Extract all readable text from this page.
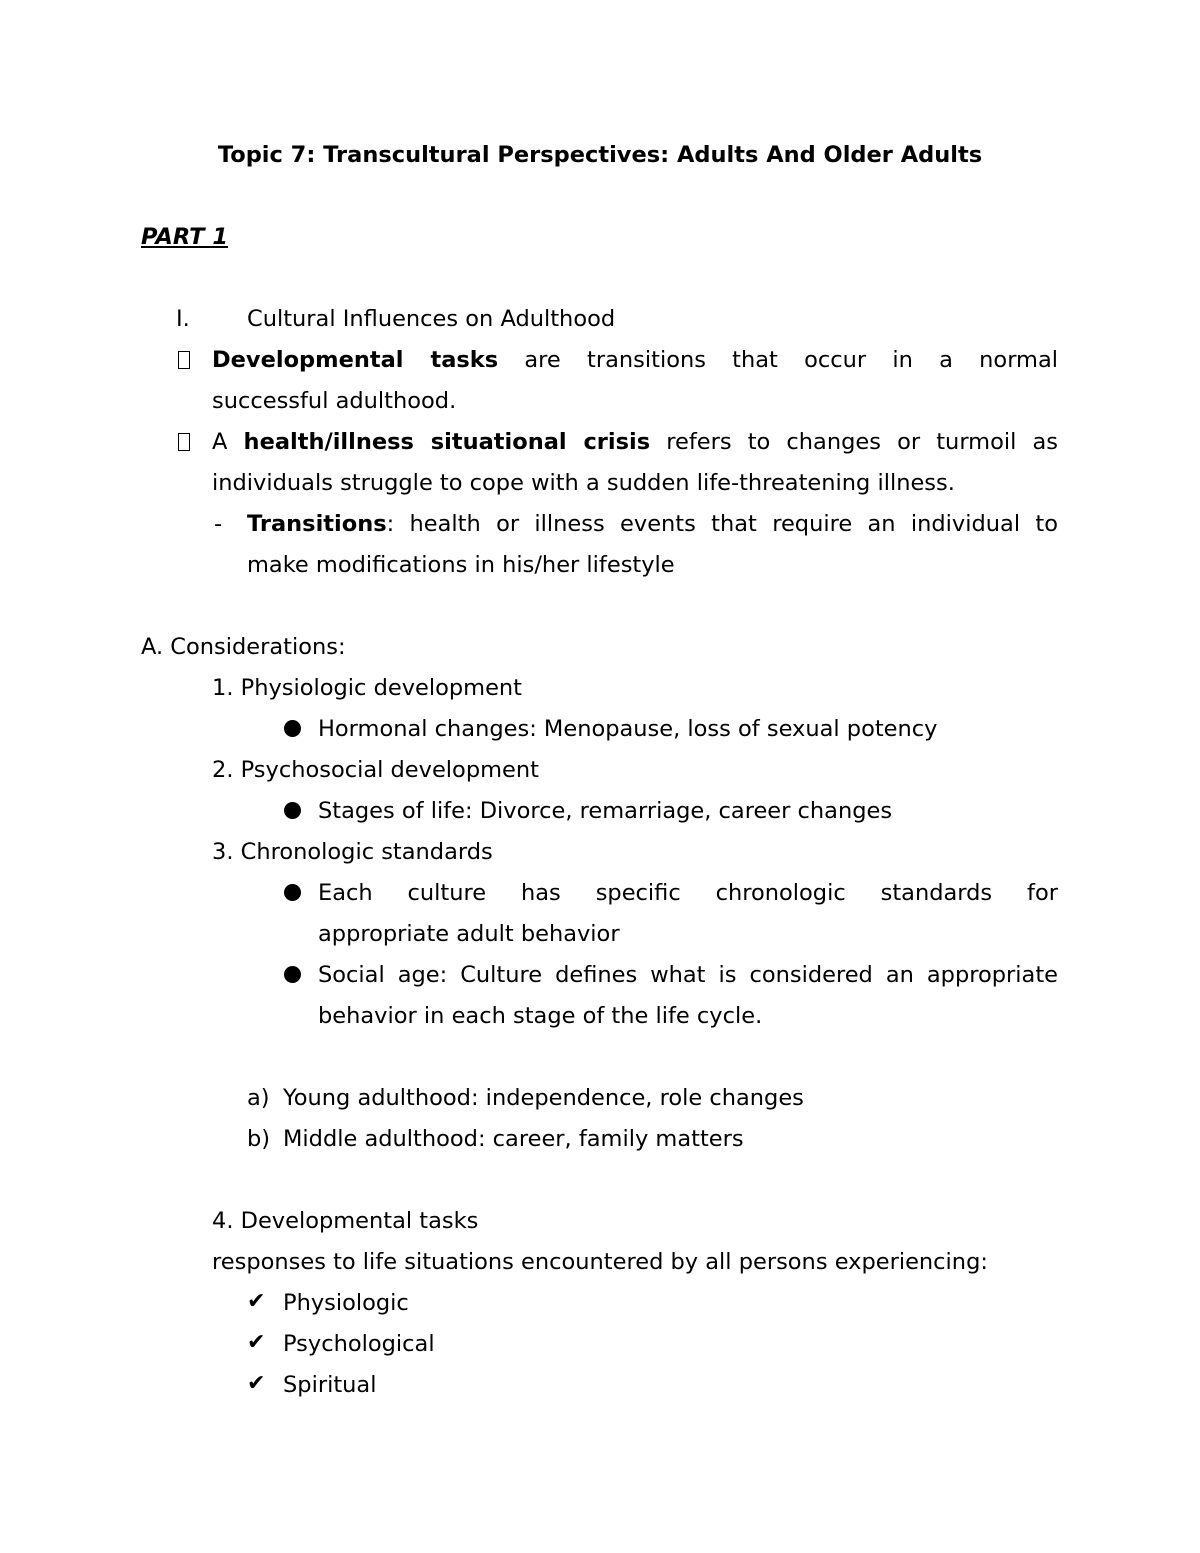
Topic 7: Transcultural Perspectives: Adults And Older Adults
PART 1
I.	Cultural Influences on Adulthood
Developmental tasks are transitions that occur in a normal
successful adulthood.
A health/illness situational crisis refers to changes or turmoil as
individuals struggle to cope with a sudden life-threatening illness.
- Transitions: health or illness events that require an individual to
make modifications in his/her lifestyle
A. Considerations:
1. Physiologic development
Hormonal changes: Menopause, loss of sexual potency
2. Psychosocial development
Stages of life: Divorce, remarriage, career changes
3. Chronologic standards
Each culture has specific chronologic standards for
appropriate adult behavior
Social age: Culture defines what is considered an appropriate
behavior in each stage of the life cycle.
a) Young adulthood: independence, role changes
b) Middle adulthood: career, family matters
4. Developmental tasks
responses to life situations encountered by all persons experiencing:
✔ Physiologic
✔ Psychological
✔ Spiritual
